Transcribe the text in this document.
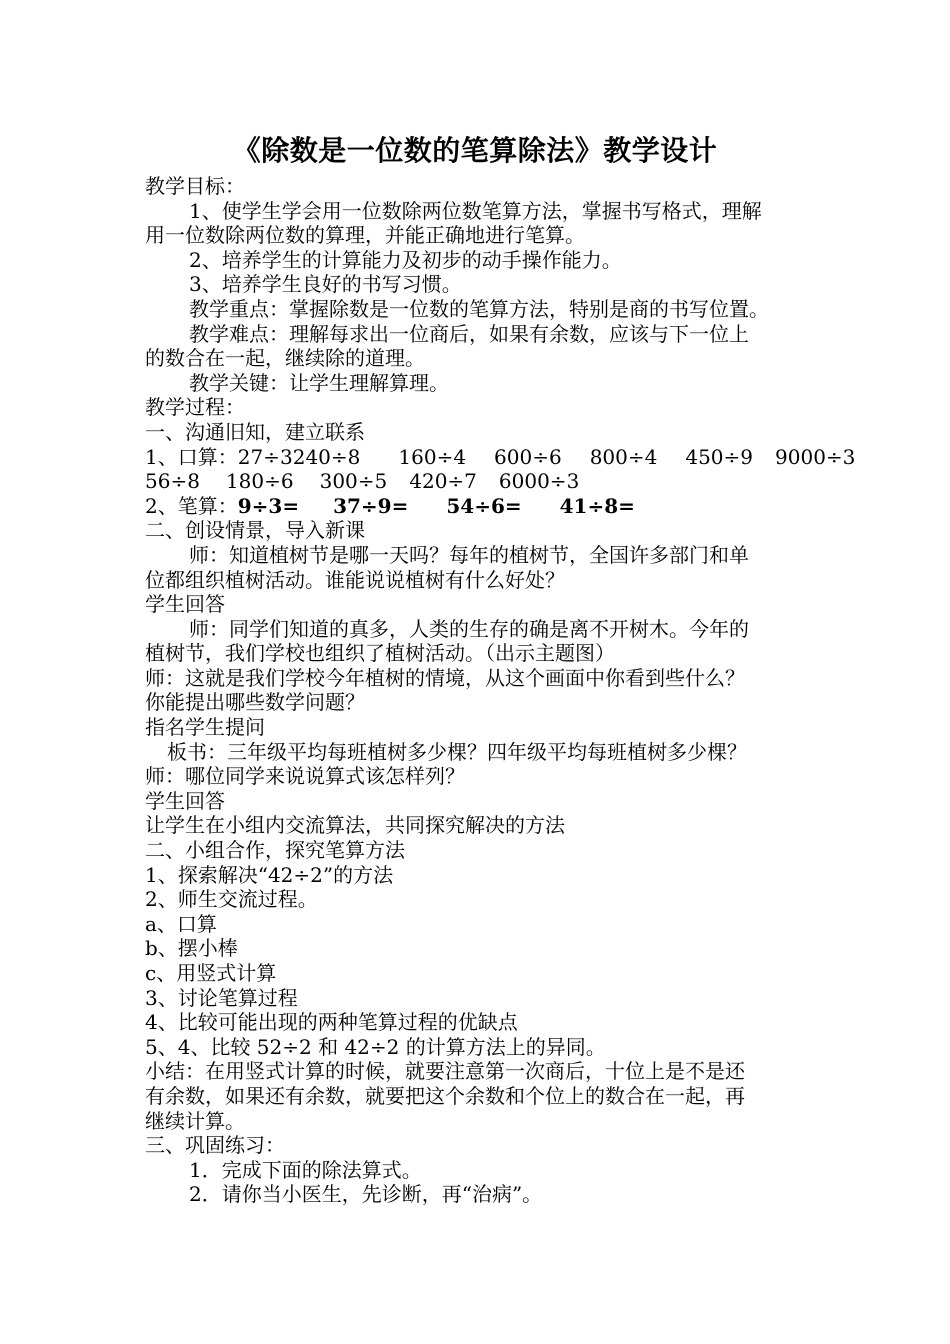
《除数是一位数的笔算除法》教学设计

教学目标：

1、使学生学会用一位数除两位数笔算方法，掌握书写格式，理解

用一位数除两位数的算理，并能正确地进行笔算。

2、培养学生的计算能力及初步的动手操作能力。

3、培养学生良好的书写习惯。

教学重点：掌握除数是一位数的笔算方法，特别是商的书写位置。

教学难点：理解每求出一位商后，如果有余数，应该与下一位上

的数合在一起，继续除的道理。

教学关键：让学生理解算理。

教学过程：

一、沟通旧知，建立联系

1、口算：27÷3240÷8 160÷4 600÷6 800÷4 450÷9 9000÷3

56÷8 180÷6 300÷5 420÷7 6000÷3

2、笔算：9÷3= 37÷9= 54÷6= 41÷8=

二、创设情景，导入新课

师：知道植树节是哪一天吗？每年的植树节，全国许多部门和单

位都组织植树活动。谁能说说植树有什么好处？

学生回答

师：同学们知道的真多，人类的生存的确是离不开树木。今年的

植树节，我们学校也组织了植树活动。（出示主题图）

师：这就是我们学校今年植树的情境，从这个画面中你看到些什么？

你能提出哪些数学问题？

指名学生提问

板书：三年级平均每班植树多少棵？四年级平均每班植树多少棵？

师：哪位同学来说说算式该怎样列？

学生回答

让学生在小组内交流算法，共同探究解决的方法

二、小组合作，探究笔算方法

1、探索解决“42÷2”的方法

2、师生交流过程。

a、口算

b、摆小棒

c、用竖式计算

3、讨论笔算过程

4、比较可能出现的两种笔算过程的优缺点

5、4、比较 52÷2 和 42÷2 的计算方法上的异同。

小结：在用竖式计算的时候，就要注意第一次商后，十位上是不是还

有余数，如果还有余数，就要把这个余数和个位上的数合在一起，再

继续计算。

三、巩固练习：

1．完成下面的除法算式。

2．请你当小医生，先诊断，再“治病”。
